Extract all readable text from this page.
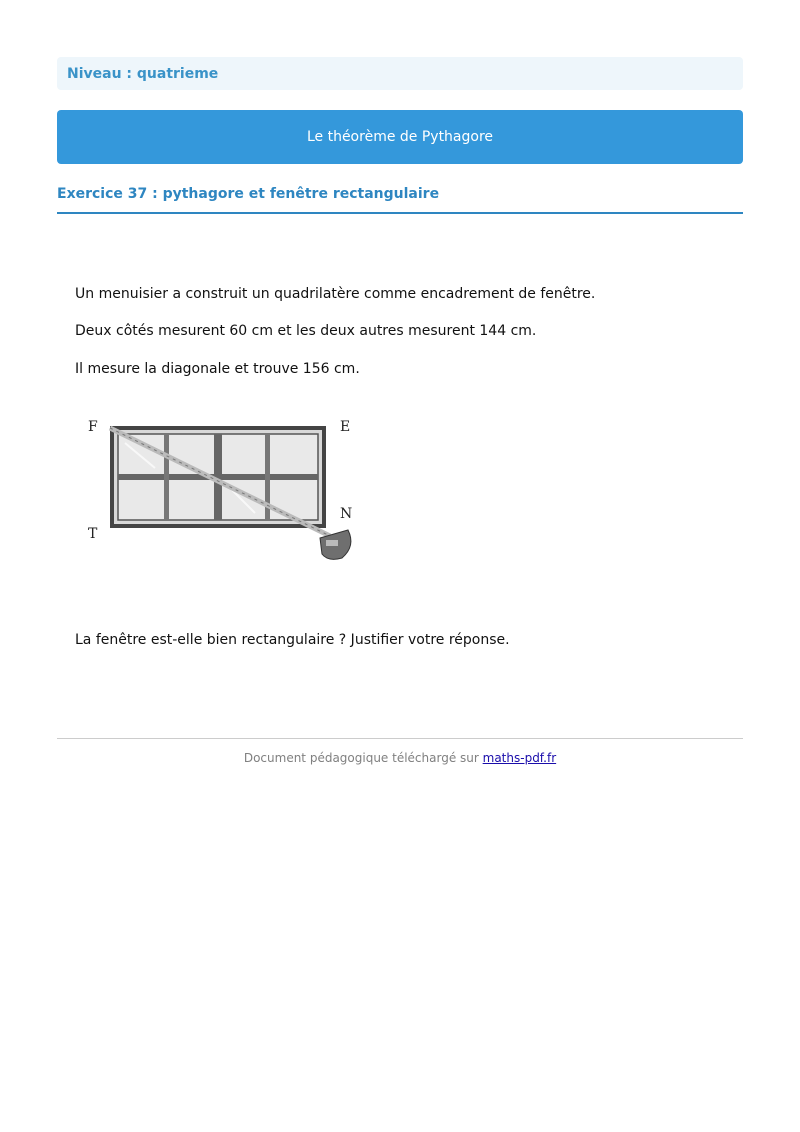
Niveau : quatrieme
Le théorème de Pythagore
Exercice 37 : pythagore et fenêtre rectangulaire
Un menuisier a construit un quadrilatère comme encadrement de fenêtre.
Deux côtés mesurent 60 cm et les deux autres mesurent 144 cm.
Il mesure la diagonale et trouve 156 cm.
F	E
N
T
La fenêtre est-elle bien rectangulaire ? Justifier votre réponse.
Document pédagogique téléchargé sur maths-pdf.fr
